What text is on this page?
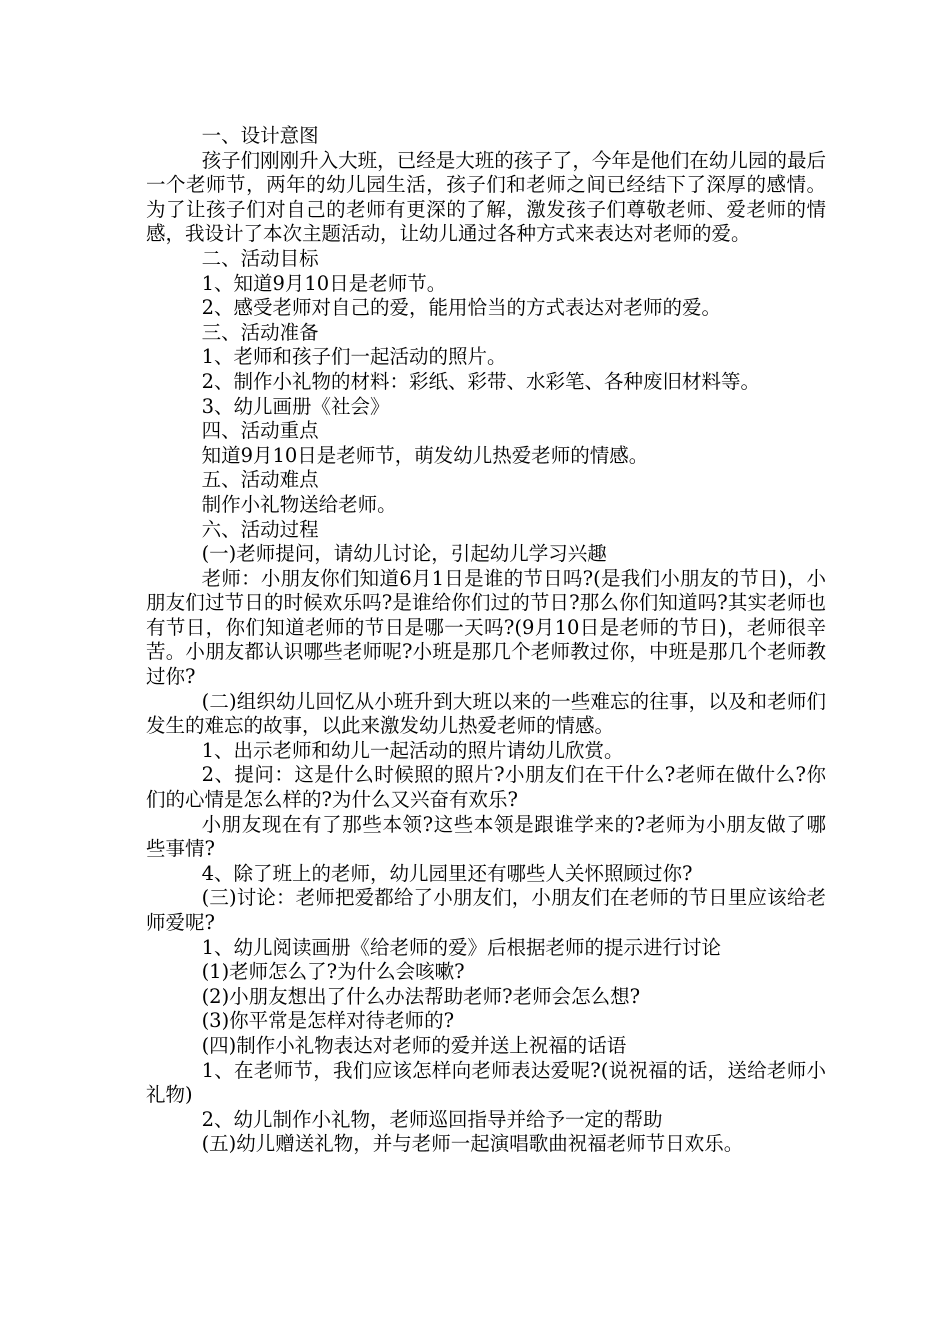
一、设计意图

孩子们刚刚升入大班，已经是大班的孩子了，今年是他们在幼儿园的最后一个老师节，两年的幼儿园生活，孩子们和老师之间已经结下了深厚的感情。为了让孩子们对自己的老师有更深的了解，激发孩子们尊敬老师、爱老师的情感，我设计了本次主题活动，让幼儿通过各种方式来表达对老师的爱。

二、活动目标

1、知道9月10日是老师节。

2、感受老师对自己的爱，能用恰当的方式表达对老师的爱。

三、活动准备

1、老师和孩子们一起活动的照片。

2、制作小礼物的材料：彩纸、彩带、水彩笔、各种废旧材料等。

3、幼儿画册《社会》

四、活动重点

知道9月10日是老师节，萌发幼儿热爱老师的情感。

五、活动难点

制作小礼物送给老师。

六、活动过程

(一)老师提问，请幼儿讨论，引起幼儿学习兴趣

老师：小朋友你们知道6月1日是谁的节日吗?(是我们小朋友的节日)，小朋友们过节日的时候欢乐吗?是谁给你们过的节日?那么你们知道吗?其实老师也有节日，你们知道老师的节日是哪一天吗?(9月10日是老师的节日)，老师很辛苦。小朋友都认识哪些老师呢?小班是那几个老师教过你，中班是那几个老师教过你?

(二)组织幼儿回忆从小班升到大班以来的一些难忘的往事，以及和老师们发生的难忘的故事，以此来激发幼儿热爱老师的情感。

1、出示老师和幼儿一起活动的照片请幼儿欣赏。

2、提问：这是什么时候照的照片?小朋友们在干什么?老师在做什么?你们的心情是怎么样的?为什么又兴奋有欢乐?

小朋友现在有了那些本领?这些本领是跟谁学来的?老师为小朋友做了哪些事情?

4、除了班上的老师，幼儿园里还有哪些人关怀照顾过你?

(三)讨论：老师把爱都给了小朋友们，小朋友们在老师的节日里应该给老师爱呢?

1、幼儿阅读画册《给老师的爱》后根据老师的提示进行讨论

(1)老师怎么了?为什么会咳嗽?

(2)小朋友想出了什么办法帮助老师?老师会怎么想?

(3)你平常是怎样对待老师的?

(四)制作小礼物表达对老师的爱并送上祝福的话语

1、在老师节，我们应该怎样向老师表达爱呢?(说祝福的话，送给老师小礼物)

2、幼儿制作小礼物，老师巡回指导并给予一定的帮助

(五)幼儿赠送礼物，并与老师一起演唱歌曲祝福老师节日欢乐。
